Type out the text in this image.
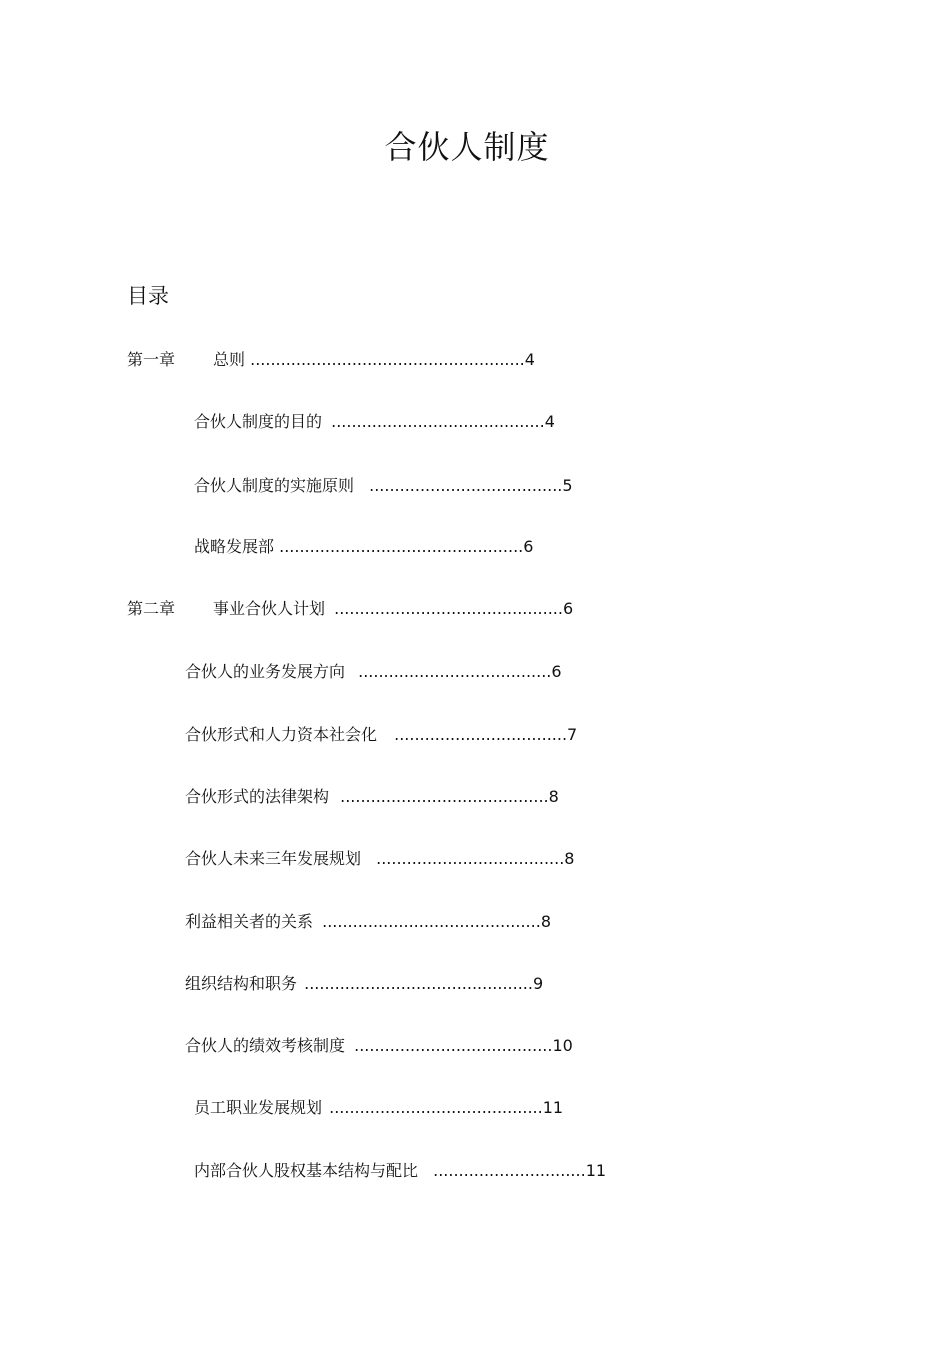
合伙人制度
目录
第一章 总则 ......................................................4
合伙人制度的目的 ..........................................4
合伙人制度的实施原则 ......................................5
战略发展部 ................................................6
第二章 事业合伙人计划 .............................................6
合伙人的业务发展方向 ......................................6
合伙形式和人力资本社会化 ..................................7
合伙形式的法律架构 .........................................8
合伙人未来三年发展规划 .....................................8
利益相关者的关系 ...........................................8
组织结构和职务 .............................................9
合伙人的绩效考核制度 .......................................10
员工职业发展规划 ..........................................11
内部合伙人股权基本结构与配比 ..............................11
